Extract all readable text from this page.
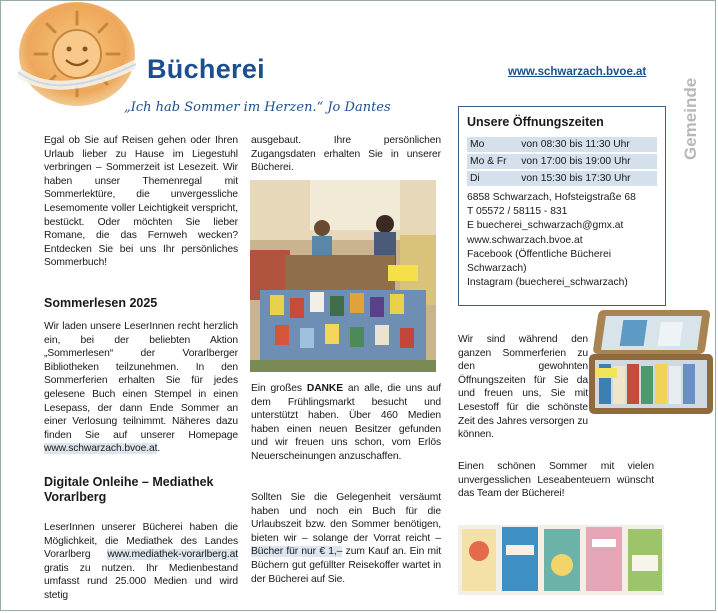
Bücherei
„Ich hab Sommer im Herzen.“ Jo Dantes
www.schwarzach.bvoe.at
Gemeinde

Egal ob Sie auf Reisen gehen oder Ihren Urlaub lieber zu Hause im Liegestuhl verbringen – Sommerzeit ist Lesezeit. Wir haben unser Themenregal mit Sommerlektüre, die unvergessliche Lesemomente voller Leichtigkeit verspricht, bestückt. Oder möchten Sie lieber Romane, die das Fernweh wecken? Entdecken Sie bei uns Ihr persönliches Sommerbuch!

Sommerlesen 2025

Wir laden unsere LeserInnen recht herzlich ein, bei der beliebten Aktion „Sommerlesen“ der Vorarlberger Bibliotheken teilzunehmen. In den Sommerferien erhalten Sie für jedes gelesene Buch einen Stempel in einen Lesepass, der dann Ende Sommer an einer Verlosung teilnimmt. Näheres dazu finden Sie auf unserer Homepage www.schwarzach.bvoe.at.

Digitale Onleihe – Mediathek Vorarlberg

LeserInnen unserer Bücherei haben die Möglichkeit, die Mediathek des Landes Vorarlberg www.mediathek-vorarlberg.at gratis zu nutzen. Ihr Medienbestand umfasst rund 25.000 Medien und wird stetig

ausgebaut. Ihre persönlichen Zugangsdaten erhalten Sie in unserer Bücherei.

Ein großes DANKE an alle, die uns auf dem Frühlingsmarkt besucht und unterstützt haben. Über 460 Medien haben einen neuen Besitzer gefunden und wir freuen uns schon, vom Erlös Neuerscheinungen anzuschaffen.

Sollten Sie die Gelegenheit versäumt haben und noch ein Buch für die Urlaubszeit bzw. den Sommer benötigen, bieten wir – solange der Vorrat reicht – Bücher für nur € 1,– zum Kauf an. Ein mit Büchern gut gefüllter Reisekoffer wartet in der Bücherei auf Sie.

Unsere Öffnungszeiten
Mo	von 08:30 bis 11:30 Uhr
Mo & Fr	von 17:00 bis 19:00 Uhr
Di	von 15:30 bis 17:30 Uhr
6858 Schwarzach, Hofsteigstraße 68
T 05572 / 58115 - 831
E buecherei_schwarzach@gmx.at
www.schwarzach.bvoe.at
Facebook (Öffentliche Bücherei
Schwarzach)
Instagram (buecherei_schwarzach)

Wir sind während den ganzen Sommerferien zu den gewohnten Öffnungszeiten für Sie da und freuen uns, Sie mit Lesestoff für die schönste Zeit des Jahres versorgen zu können.

Einen schönen Sommer mit vielen unvergesslichen Leseabenteuern wünscht das Team der Bücherei!
